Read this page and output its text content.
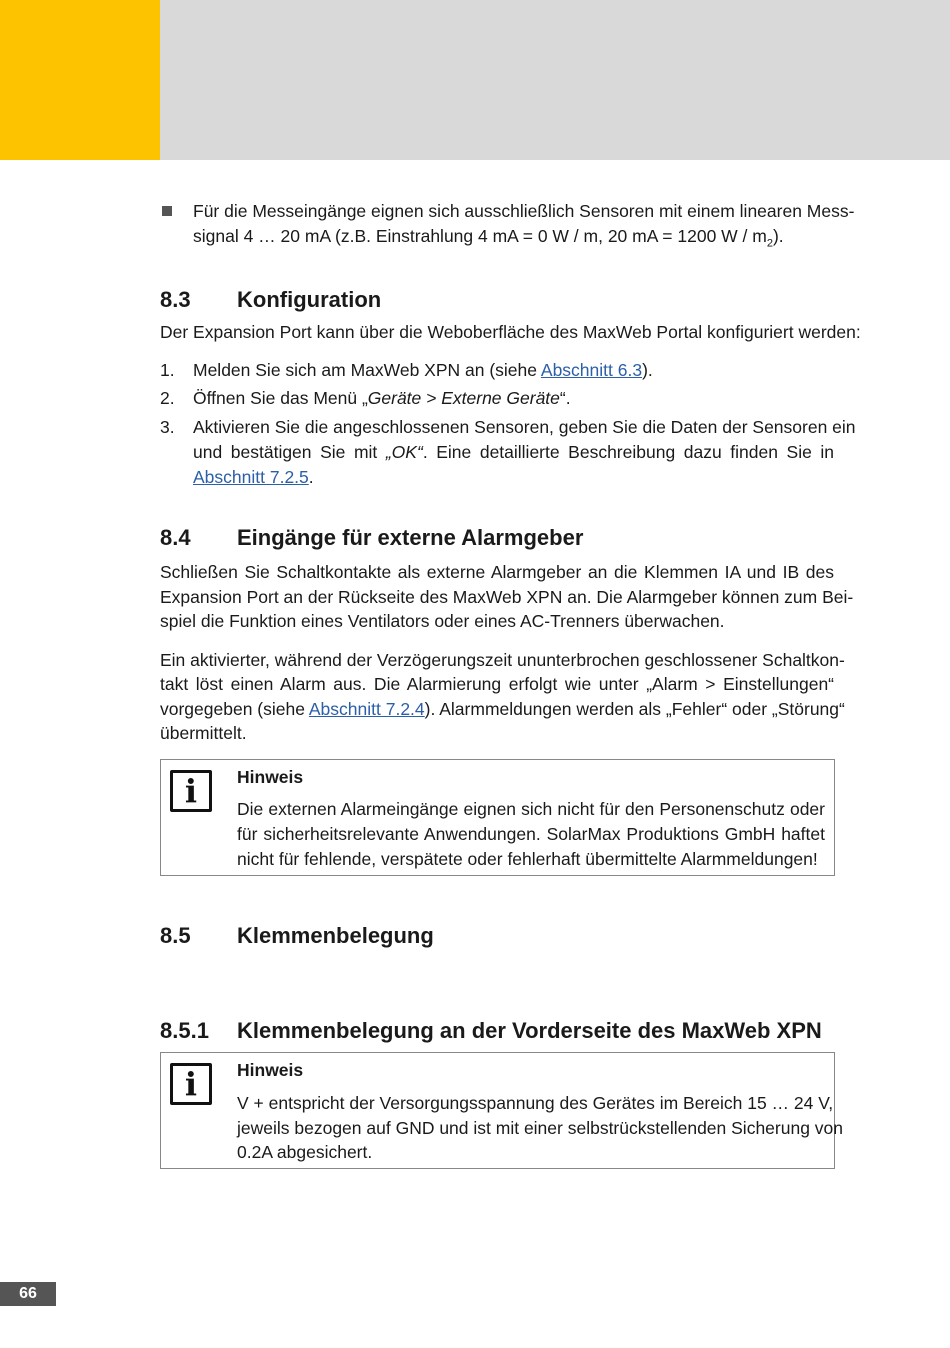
Für die Messeingänge eignen sich ausschließlich Sensoren mit einem linearen Mess-
signal 4 … 20 mA (z.B. Einstrahlung 4 mA = 0 W / m, 20 mA = 1200 W / $m_2$).
8.3 Konfiguration
Der Expansion Port kann über die Weboberfläche des MaxWeb Portal konfiguriert werden:
1. Melden Sie sich am MaxWeb XPN an (siehe Abschnitt 6.3).
2. Öffnen Sie das Menü „Geräte > Externe Geräte“.
3. Aktivieren Sie die angeschlossenen Sensoren, geben Sie die Daten der Sensoren ein
und bestätigen Sie mit „OK“. Eine detaillierte Beschreibung dazu finden Sie in
Abschnitt 7.2.5.
8.4 Eingänge für externe Alarmgeber
Schließen Sie Schaltkontakte als externe Alarmgeber an die Klemmen IA und IB des
Expansion Port an der Rückseite des MaxWeb XPN an. Die Alarmgeber können zum Bei-
spiel die Funktion eines Ventilators oder eines AC-Trenners überwachen.
Ein aktivierter, während der Verzögerungszeit ununterbrochen geschlossener Schaltkon-
takt löst einen Alarm aus. Die Alarmierung erfolgt wie unter „Alarm > Einstellungen“
vorgegeben (siehe Abschnitt 7.2.4). Alarmmeldungen werden als „Fehler“ oder „Störung“
übermittelt.
i	Hinweis
Die externen Alarmeingänge eignen sich nicht für den Personenschutz oder
für sicherheitsrelevante Anwendungen. SolarMax Produktions GmbH haftet
nicht für fehlende, verspätete oder fehlerhaft übermittelte Alarmmeldungen!
8.5 Klemmenbelegung
8.5.1 Klemmenbelegung an der Vorderseite des MaxWeb XPN
i	Hinweis
V + entspricht der Versorgungsspannung des Gerätes im Bereich 15 … 24 V,
jeweils bezogen auf GND und ist mit einer selbstrückstellenden Sicherung von
0.2A abgesichert.
66
